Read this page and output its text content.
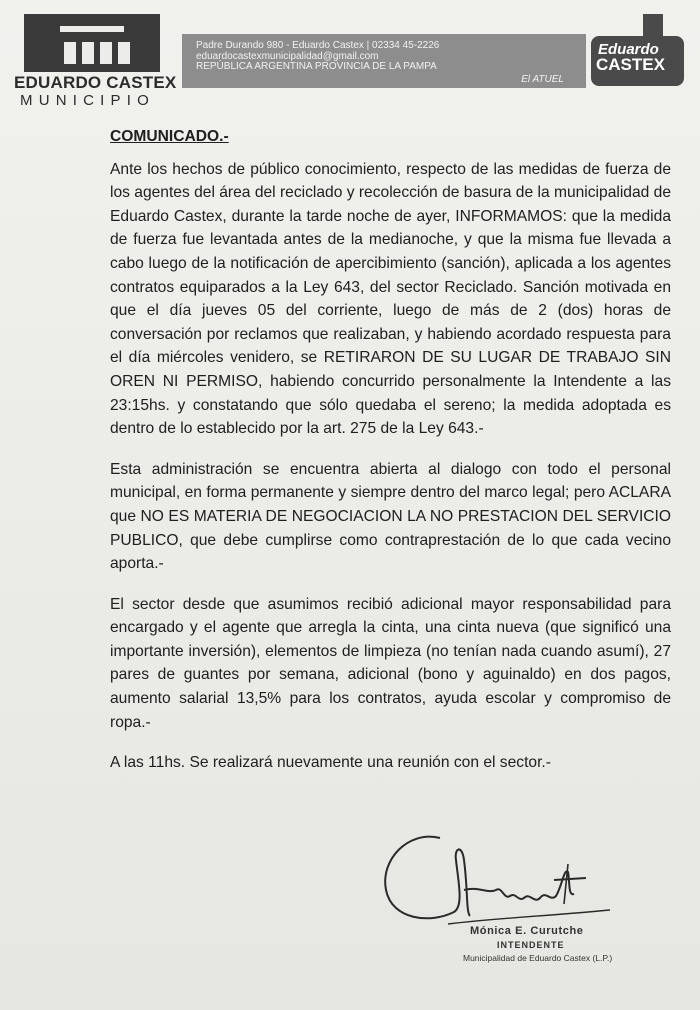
EDUARDO CASTEX
MUNICIPIO
Padre Durando 980 - Eduardo Castex | 02334 45-2226
eduardocastexmunicipalidad@gmail.com
REPÚBLICA ARGENTINA PROVINCIA DE LA PAMPA
El ATUEL
Eduardo
CASTEX
COMUNICADO.-

Ante los hechos de público conocimiento, respecto de las medidas de fuerza de los agentes del área del reciclado y recolección de basura de la municipalidad de Eduardo Castex, durante la tarde noche de ayer, INFORMAMOS: que la medida de fuerza fue levantada antes de la medianoche, y que la misma fue llevada a cabo luego de la notificación de apercibimiento (sanción), aplicada a los agentes contratos equiparados a la Ley 643, del sector Reciclado. Sanción motivada en que el día jueves 05 del corriente, luego de más de 2 (dos) horas de conversación por reclamos que realizaban, y habiendo acordado respuesta para el día miércoles venidero, se RETIRARON DE SU LUGAR DE TRABAJO SIN OREN NI PERMISO, habiendo concurrido personalmente la Intendente a las 23:15hs. y constatando que sólo quedaba el sereno; la medida adoptada es dentro de lo establecido por la art. 275 de la Ley 643.-

Esta administración se encuentra abierta al dialogo con todo el personal municipal, en forma permanente y siempre dentro del marco legal; pero ACLARA que NO ES MATERIA DE NEGOCIACION LA NO PRESTACION DEL SERVICIO PUBLICO, que debe cumplirse como contraprestación de lo que cada vecino aporta.-

El sector desde que asumimos recibió adicional mayor responsabilidad para encargado y el agente que arregla la cinta, una cinta nueva (que significó una importante inversión), elementos de limpieza (no tenían nada cuando asumí), 27 pares de guantes por semana, adicional (bono y aguinaldo) en dos pagos, aumento salarial 13,5% para los contratos, ayuda escolar y compromiso de ropa.-

A las 11hs. Se realizará nuevamente una reunión con el sector.-

Mónica E. Curutche
INTENDENTE
Municipalidad de Eduardo Castex (L.P.)
